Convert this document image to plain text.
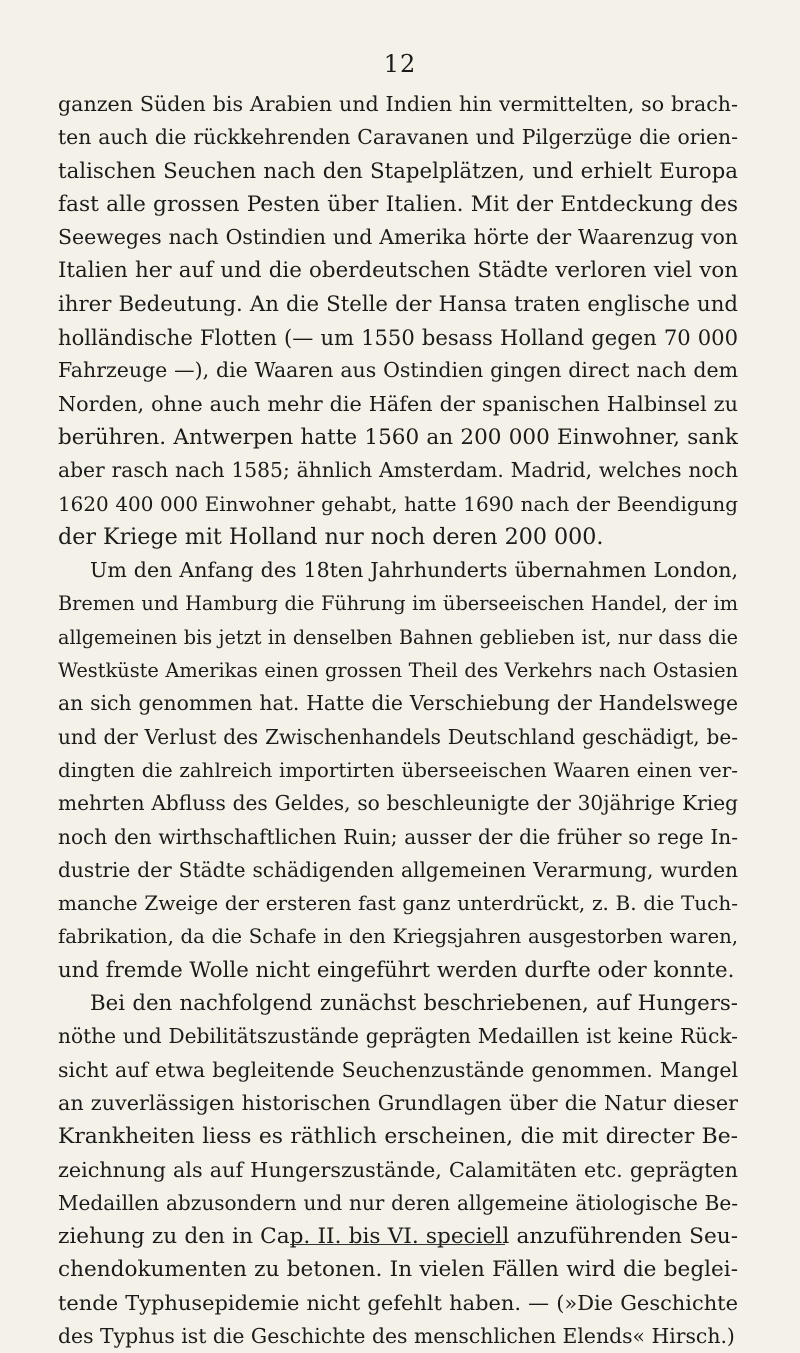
12
ganzen Süden bis Arabien und Indien hin vermittelten, so brach-
ten auch die rückkehrenden Caravanen und Pilgerzüge die orien-
talischen Seuchen nach den Stapelplätzen, und erhielt Europa
fast alle grossen Pesten über Italien. Mit der Entdeckung des
Seeweges nach Ostindien und Amerika hörte der Waarenzug von
Italien her auf und die oberdeutschen Städte verloren viel von
ihrer Bedeutung. An die Stelle der Hansa traten englische und
holländische Flotten (— um 1550 besass Holland gegen 70 000
Fahrzeuge —), die Waaren aus Ostindien gingen direct nach dem
Norden, ohne auch mehr die Häfen der spanischen Halbinsel zu
berühren. Antwerpen hatte 1560 an 200 000 Einwohner, sank
aber rasch nach 1585; ähnlich Amsterdam. Madrid, welches noch
1620 400 000 Einwohner gehabt, hatte 1690 nach der Beendigung
der Kriege mit Holland nur noch deren 200 000.
Um den Anfang des 18ten Jahrhunderts übernahmen London,
Bremen und Hamburg die Führung im überseeischen Handel, der im
allgemeinen bis jetzt in denselben Bahnen geblieben ist, nur dass die
Westküste Amerikas einen grossen Theil des Verkehrs nach Ostasien
an sich genommen hat. Hatte die Verschiebung der Handelswege
und der Verlust des Zwischenhandels Deutschland geschädigt, be-
dingten die zahlreich importirten überseeischen Waaren einen ver-
mehrten Abfluss des Geldes, so beschleunigte der 30jährige Krieg
noch den wirthschaftlichen Ruin; ausser der die früher so rege In-
dustrie der Städte schädigenden allgemeinen Verarmung, wurden
manche Zweige der ersteren fast ganz unterdrückt, z. B. die Tuch-
fabrikation, da die Schafe in den Kriegsjahren ausgestorben waren,
und fremde Wolle nicht eingeführt werden durfte oder konnte.
Bei den nachfolgend zunächst beschriebenen, auf Hungers-
nöthe und Debilitätszustände geprägten Medaillen ist keine Rück-
sicht auf etwa begleitende Seuchenzustände genommen. Mangel
an zuverlässigen historischen Grundlagen über die Natur dieser
Krankheiten liess es räthlich erscheinen, die mit directer Be-
zeichnung als auf Hungerszustände, Calamitäten etc. geprägten
Medaillen abzusondern und nur deren allgemeine ätiologische Be-
ziehung zu den in Cap. II. bis VI. speciell anzuführenden Seu-
chendokumenten zu betonen. In vielen Fällen wird die beglei-
tende Typhusepidemie nicht gefehlt haben. — (»Die Geschichte
des Typhus ist die Geschichte des menschlichen Elends« Hirsch.)
